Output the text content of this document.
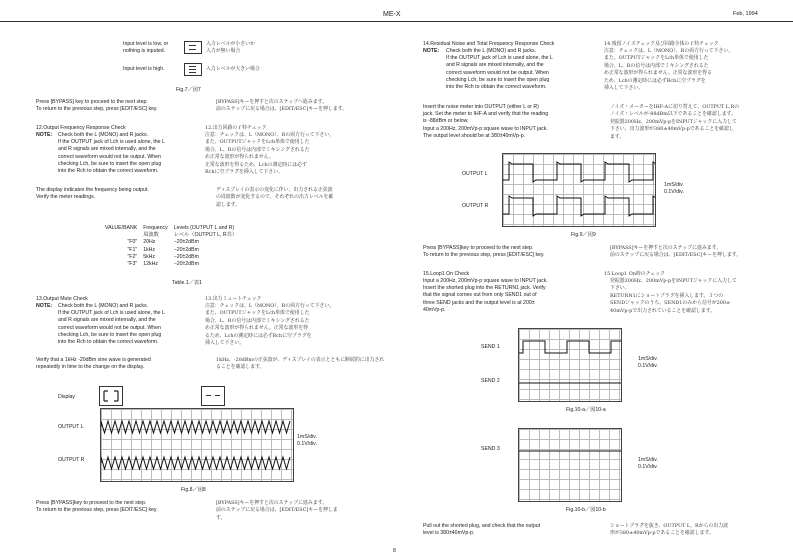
ME-X	Feb, 1994
Input level is low, or
nothing is inputed.
入力レベルが小さいか
入力が無い場合
Input level is high.	入力レベルが大きい場合
Fig.7／図7
Press [BYPASS] key to proceed to the next step.
To return to the previous step, press [EDIT/ESC] key.
[BYPASS]キーを押すと次のステップへ進みます。
前のステップに戻る場合は、[EDIT/ESC]キーを押します。
12.Output Frequency Response Check
NOTE: Check both the L (MONO) and R jacks.
If the OUTPUT jack of Lch is used alone, the L
and R signals are mixed internally, and the
correct waveform would not be output. When
checking Lch, be sure to insert the open plug
into the Rch to obtain the correct waveform.
12.出力回路の f 特チェック
注意：チェックは、L（MONO）、Rの両方行って下さい。
また、OUTPUTジャックをLch単体で使用した
場合、L、Rの信号は内部でミキシングされるた
め正常な波形が得られません。
正常な波形を得るため、Lchの測定時には必ず
Rchに空プラグを挿入して下さい。
The display indicates the frequency being output.
Verify the meter readings.
ディスプレイの表示の変化に伴い、出力される正弦波
の周波数が変化するので、それぞれの出力レベルを確
認します。
VALUE/BANK	Frequency	Levels (OUTPUT L and R)
	周波数	レベル（OUTPUT L, R共）
"F0"	20Hz	−20±2dBm
"F1"	1kHz	−20±2dBm
"F2"	5kHz	−20±2dBm
"F3"	12kHz	−20±2dBm
Table.1／表1
13.Output Mute Check
NOTE: Check both the L (MONO) and R jacks.
If the OUTPUT jack of Lch is used alone, the L
and R signals are mixed internally, and the
correct waveform would not be output. When
checking Lch, be sure to insert the open plug
into the Rch to obtain the correct waveform.
13.出力ミュートチェック
注意：チェックは、L（MONO）、Rの両方行って下さい。
また、OUTPUTジャックをLch単体で使用した
場合、L、Rの信号は内部でミキシングされるた
め正常な波形が得られません。正常な波形を得
るため、Lchの測定時には必ずRchに空プラグを
挿入して下さい。
Verify that a 1kHz -20dBm sine wave is generated
repeatedly in time to the change on the display.
1kHz、-20dBmの正弦波が、ディスプレイの表示とともに断続的に出力されることを確認します。
Display
OUTPUT L
OUTPUT R
1mS/div.
0.1V/div.
Fig.8／図8
Press [BYPASS]key to proceed to the next step.
To return to the previous step, press [EDIT/ESC] key.
[BYPASS]キーを押すと次のステップに進みます。
前のステップに戻る場合は、[EDIT/ESC]キーを押しま
す。
14.Residual Noise and Total Frequency Response Check
NOTE: Check both the L (MONO) and R jacks.
If the OUTPUT jack of Lch is used alone, the L
and R signals are mixed internally, and the
correct waveform would not be output. When
checking Lch, be sure to insert the open plug
into the Rch to obtain the correct waveform.
14.残留ノイズチェック及び回路全体の f 特チェック
注意：チェックは、L（MONO）、Rの両方行って下さい。
また、OUTPUTジャックをLch単体で使用した
場合、L、Rの信号は内部でミキシングされるた
め正常な波形が得られません。正常な波形を得る
ため、Lchの測定時には必ずRchに空プラグを
挿入して下さい。
Insert the noise meter into OUTPUT (either L or R)
jack. Set the meter to IHF-A and verify that the reading
is -88dBm or below.
Input a 200Hz, 200mVp-p square wave to INPUT jack.
The output level should be at 380±40mVp-p.
ノイズ・メーターをIHF-Aに切り替えて、OUTPUT L,Rの
ノイズ・レベルが-88dBm以下であることを確認します。
発振器200Hz、200mVp-pをINPUTジャックに入力して
下さい。出力波形が380±40mVp-pであることを確認し
ます。
OUTPUT L
OUTPUT R
1mS/div.
0.1V/div.
Fig.9／図9
Press [BYPASS]key to proceed to the next step.
To return to the previous step, press [EDIT/ESC] key.
[BYPASS]キーを押すと次のステップに進みます。
前のステップに戻る場合は、[EDIT/ESC]キーを押します。
15.Loop1 On Check
Input a 200Hz, 200mVp-p square wave to INPUT jack.
Insert the shorted plug into the RETURN1 jack. Verify
that the signal comes out from only SEND1 out of
three SEND jacks and the output level is at 200±
40mVp-p.
15.Loop1 On時のチェック
発振器200Hz、200mVp-pをINPUTジャックに入力して
下さい。
RETURN1にショートプラグを挿入します。３つの
SENDジャックのうち、SEND1のみから信号が200±
40mVp-pで出力されていることを確認します。
SEND 1
SEND 2
1mS/div.
0.1V/div.
Fig.10-a／図10-a
SEND 3
1mS/div.
0.1V/div.
Fig.10-b／図10-b
Pull out the shorted plug, and check that the output
level is 380±40mVp-p.
ショートプラグを抜き、OUTPUT L、Rからの出力波
形が380±40mVp-pであることを確認します。
8
